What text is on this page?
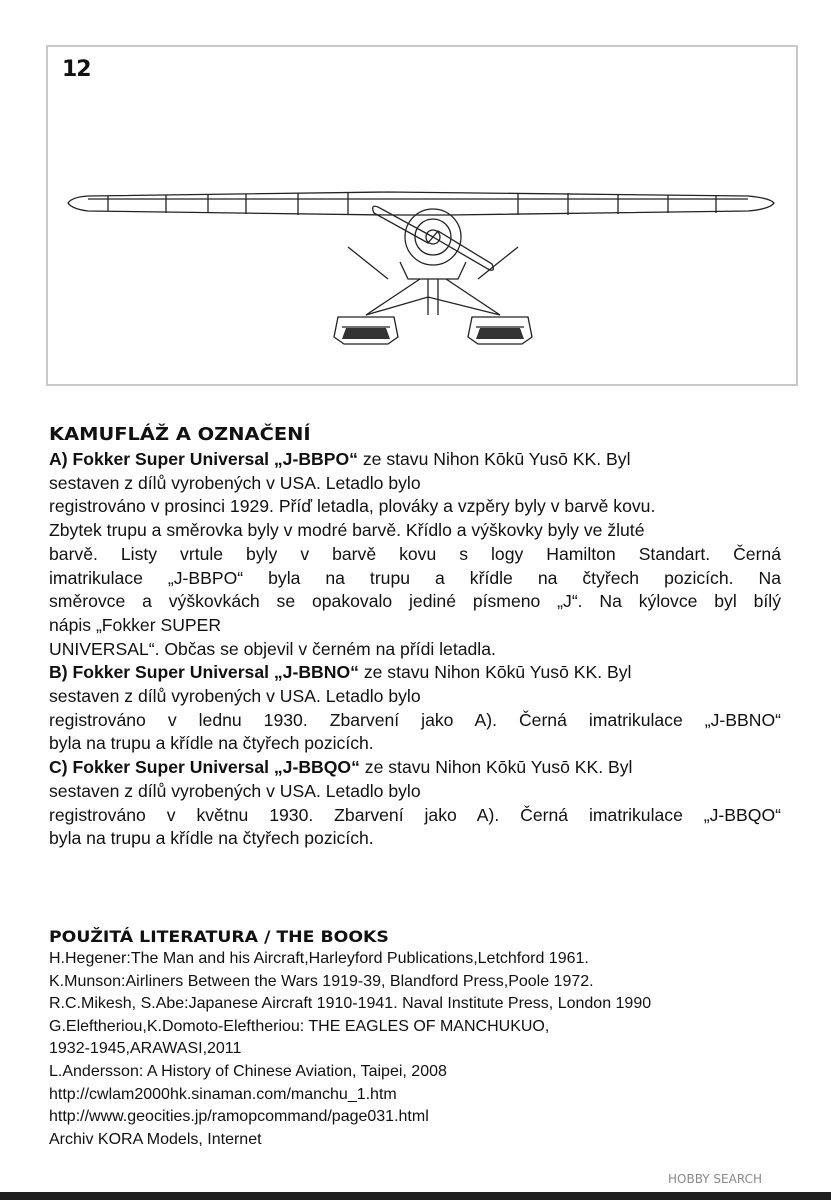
12
KAMUFLÁŽ A OZNAČENÍ
A) Fokker Super Universal „J-BBPO“ ze stavu Nihon Kōkū Yusō KK. Byl
sestaven z dílů vyrobených v USA. Letadlo bylo
registrováno v prosinci 1929. Příď letadla, plováky a vzpěry byly v barvě kovu.
Zbytek trupu a směrovka byly v modré barvě. Křídlo a výškovky byly ve žluté
barvě. Listy vrtule byly v barvě kovu s logy Hamilton Standart. Černá
imatrikulace „J-BBPO“ byla na trupu a křídle na čtyřech pozicích. Na
směrovce a výškovkách se opakovalo jediné písmeno „J“. Na kýlovce byl bílý
nápis „Fokker SUPER
UNIVERSAL“. Občas se objevil v černém na přídi letadla.
B) Fokker Super Universal „J-BBNO“ ze stavu Nihon Kōkū Yusō KK. Byl
sestaven z dílů vyrobených v USA. Letadlo bylo
registrováno v lednu 1930. Zbarvení jako A). Černá imatrikulace „J-BBNO“
byla na trupu a křídle na čtyřech pozicích.
C) Fokker Super Universal „J-BBQO“ ze stavu Nihon Kōkū Yusō KK. Byl
sestaven z dílů vyrobených v USA. Letadlo bylo
registrováno v květnu 1930. Zbarvení jako A). Černá imatrikulace „J-BBQO“
byla na trupu a křídle na čtyřech pozicích.
POUŽITÁ LITERATURA / THE BOOKS
H.Hegener:The Man and his Aircraft,Harleyford Publications,Letchford 1961.
K.Munson:Airliners Between the Wars 1919-39, Blandford Press,Poole 1972.
R.C.Mikesh, S.Abe:Japanese Aircraft 1910-1941. Naval Institute Press, London 1990
G.Eleftheriou,K.Domoto-Eleftheriou: THE EAGLES OF MANCHUKUO,
1932-1945,ARAWASI,2011
L.Andersson: A History of Chinese Aviation, Taipei, 2008
http://cwlam2000hk.sinaman.com/manchu_1.htm
http://www.geocities.jp/ramopcommand/page031.html
Archiv KORA Models, Internet
HOBBY SEARCH
